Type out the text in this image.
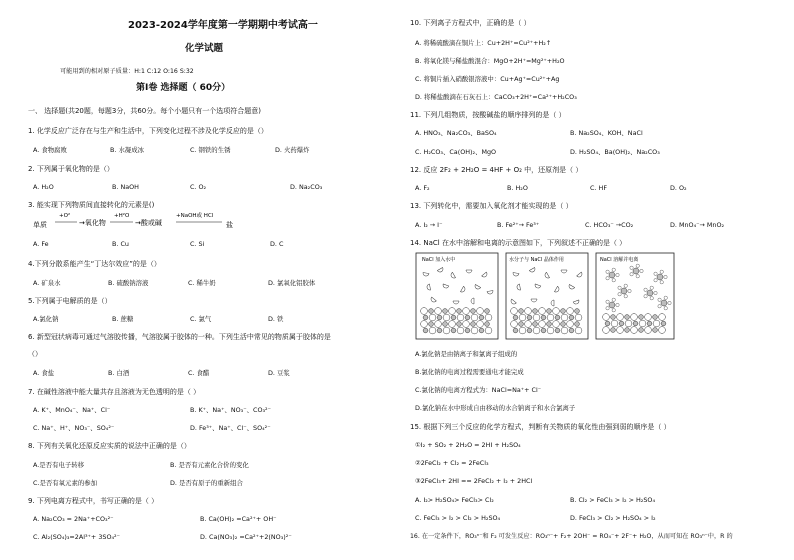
2023-2024学年度第一学期期中考试高一
化学试题
可能用到的相对原子质量：H:1 C:12 O:16 S:32
第Ⅰ卷 选择题（ 60分）
一、 选择题(共20题，每题3分，共60分。每个小题只有一个选项符合题意)
1. 化学反应广泛存在与生产和生活中，下列变化过程不涉及化学反应的是（）
A. 食物腐败	B. 水凝成冰	C. 钢铁的生锈	D. 火药爆炸
2. 下列属于氧化物的是（）
A. H₂O	B. NaOH	C. O₂	D. Na₂CO₃
3. 能实现下列物质间直接转化的元素是()
单质
+O²
→氧化物
+H²O
→酸或碱
+NaOH或 HCl
盐
A. Fe	B. Cu	C. Si	D. C
4.下列分散系能产生“丁达尔效应”的是（）
A. 矿泉水	B. 硫酸钠溶液	C. 稀牛奶	D. 氯氧化铝胶体
5.下列属于电解质的是（）
A.氯化钠	B. 蔗糖	C. 氯气	D. 铁
6. 新型冠状病毒可通过气溶胶传播，气溶胶属于胶体的一种。下列生活中常见的物质属于胶体的是
（）
A. 食盐	B. 白酒	C. 食醋	D. 豆浆
7. 在碱性溶液中能大量共存且溶液为无色透明的是（ ）
A. K⁺、MnO₄⁻、Na⁺、Cl⁻	B. K⁺、Na⁺、NO₃⁻、CO₃²⁻
C. Na⁺、H⁺、NO₃⁻、SO₄²⁻	D. Fe³⁺、Na⁺、Cl⁻、SO₄²⁻
8. 下列有关氧化还原反应实质的说法中正确的是（）
A.是否有电子转移	B. 是否有元素化合价的变化
C.是否有氧元素的参加	D. 是否有原子的重新组合
9. 下列电离方程式中，书写正确的是（ ）
A. Na₂CO₃ = 2Na⁺+CO₃²⁻	B. Ca(OH)₂ =Ca²⁺+ OH⁻
C. Al₂(SO₄)₃=2Al³⁺+ 3SO₄²⁻	D. Ca(NO₃)₂ =Ca²⁺+2(NO₃)²⁻
10. 下列离子方程式中，正确的是（ ）
A. 将稀硫酸滴在铜片上：Cu+2H⁺=Cu²⁺+H₂↑
B. 将氧化镁与稀盐酸混合：MgO+2H⁺=Mg²⁺+H₂O
C. 将铜片插入硝酸银溶液中：Cu+Ag⁺=Cu²⁺+Ag
D. 将稀盐酸滴在石灰石上：CaCO₃+2H⁺=Ca²⁺+H₂CO₃
11. 下列几组物质，按酸碱盐的顺序排列的是（ ）
A. HNO₃、Na₂CO₃、BaSO₄	B. Na₂SO₄、KOH、NaCl
C. H₂CO₃、Ca(OH)₂、MgO	D. H₂SO₄、Ba(OH)₂、Na₂CO₃
12. 反应 2F₂ + 2H₂O = 4HF + O₂ 中，还原剂是（ ）
A. F₂	B. H₂O	C. HF	D. O₂
13. 下列转化中，需要加入氧化剂才能实现的是（ ）
A. I₂ → I⁻	B. Fe²⁺→ Fe³⁺	C. HCO₃⁻ →CO₂	D. MnO₄⁻→ MnO₂
14. NaCl 在水中溶解和电离的示意图如下，下列叙述不正确的是（ ）
NaCl 加入水中	水分子与 NaCl 晶体作用	NaCl 溶解并电离
A.氯化钠是由钠离子和氯离子组成的
B.氯化钠的电离过程需要通电才能完成
C.氯化钠的电离方程式为：NaCl=Na⁺+ Cl⁻
D.氯化钠在水中形成自由移动的水合钠离子和水合氯离子
15. 根据下列三个反应的化学方程式，判断有关物质的氧化性由强到弱的顺序是（ ）
①I₂ + SO₂ + 2H₂O = 2HI + H₂SO₄
②2FeCl₂ + Cl₂ = 2FeCl₃
③2FeCl₃+ 2HI == 2FeCl₂ + I₂ + 2HCl
A. I₂> H₂SO₄> FeCl₃> Cl₂	B. Cl₂ > FeCl₃ > I₂ > H₂SO₄
C. FeCl₃ > I₂ > Cl₂ > H₂SO₄	D. FeCl₃ > Cl₂ > H₂SO₄ > I₂
16. 在一定条件下，RO₃ⁿ⁻和 F₂ 可发生反应：RO₃ⁿ⁻+ F₂+ 2OH⁻ = RO₄⁻+ 2F⁻+ H₂O，从而可知在 RO₃ⁿ⁻中，R 的
